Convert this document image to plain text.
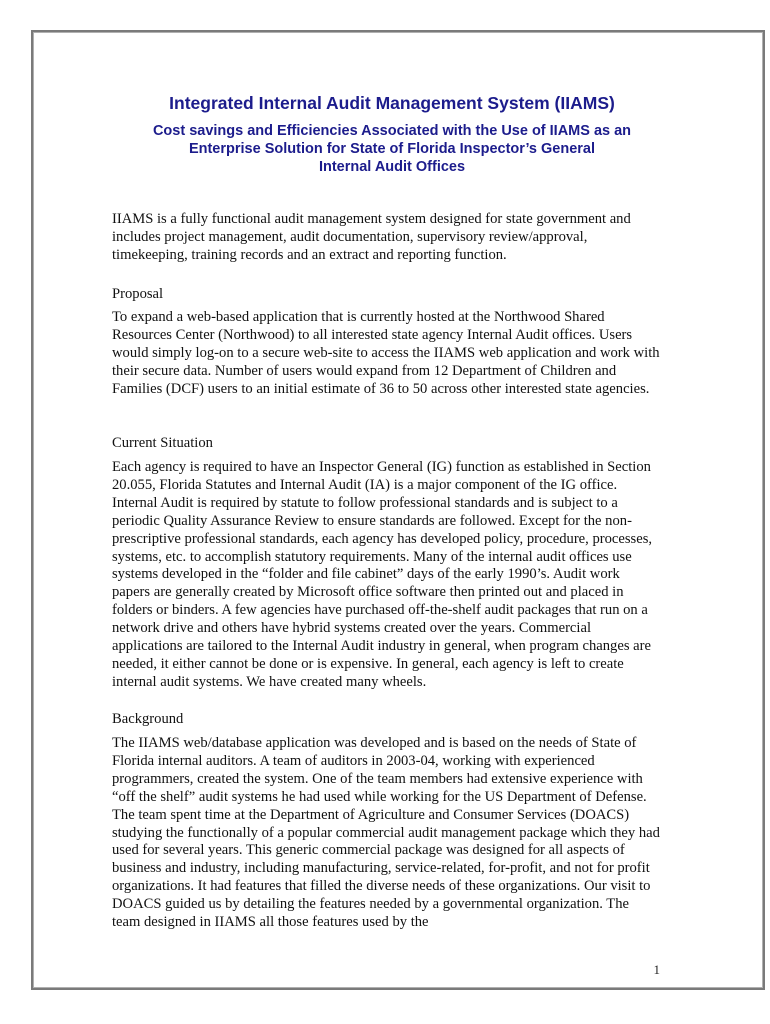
Integrated Internal Audit Management System (IIAMS)
Cost savings and Efficiencies Associated with the Use of IIAMS as an
Enterprise Solution for State of Florida Inspector’s General
Internal Audit Offices

IIAMS is a fully functional audit management system designed for state government and includes project management, audit documentation, supervisory review/approval, timekeeping, training records and an extract and reporting function.

Proposal

To expand a web-based application that is currently hosted at the Northwood Shared Resources Center (Northwood) to all interested state agency Internal Audit offices. Users would simply log-on to a secure web-site to access the IIAMS web application and work with their secure data. Number of users would expand from 12 Department of Children and Families (DCF) users to an initial estimate of 36 to 50 across other interested state agencies.

Current Situation

Each agency is required to have an Inspector General (IG) function as established in Section 20.055, Florida Statutes and Internal Audit (IA) is a major component of the IG office. Internal Audit is required by statute to follow professional standards and is subject to a periodic Quality Assurance Review to ensure standards are followed. Except for the non-prescriptive professional standards, each agency has developed policy, procedure, processes, systems, etc. to accomplish statutory requirements. Many of the internal audit offices use systems developed in the “folder and file cabinet” days of the early 1990’s. Audit work papers are generally created by Microsoft office software then printed out and placed in folders or binders. A few agencies have purchased off-the-shelf audit packages that run on a network drive and others have hybrid systems created over the years. Commercial applications are tailored to the Internal Audit industry in general, when program changes are needed, it either cannot be done or is expensive. In general, each agency is left to create internal audit systems. We have created many wheels.

Background

The IIAMS web/database application was developed and is based on the needs of State of Florida internal auditors. A team of auditors in 2003-04, working with experienced programmers, created the system. One of the team members had extensive experience with “off the shelf” audit systems he had used while working for the US Department of Defense. The team spent time at the Department of Agriculture and Consumer Services (DOACS) studying the functionally of a popular commercial audit management package which they had used for several years. This generic commercial package was designed for all aspects of business and industry, including manufacturing, service-related, for-profit, and not for profit organizations. It had features that filled the diverse needs of these organizations. Our visit to DOACS guided us by detailing the features needed by a governmental organization. The team designed in IIAMS all those features used by the

1
